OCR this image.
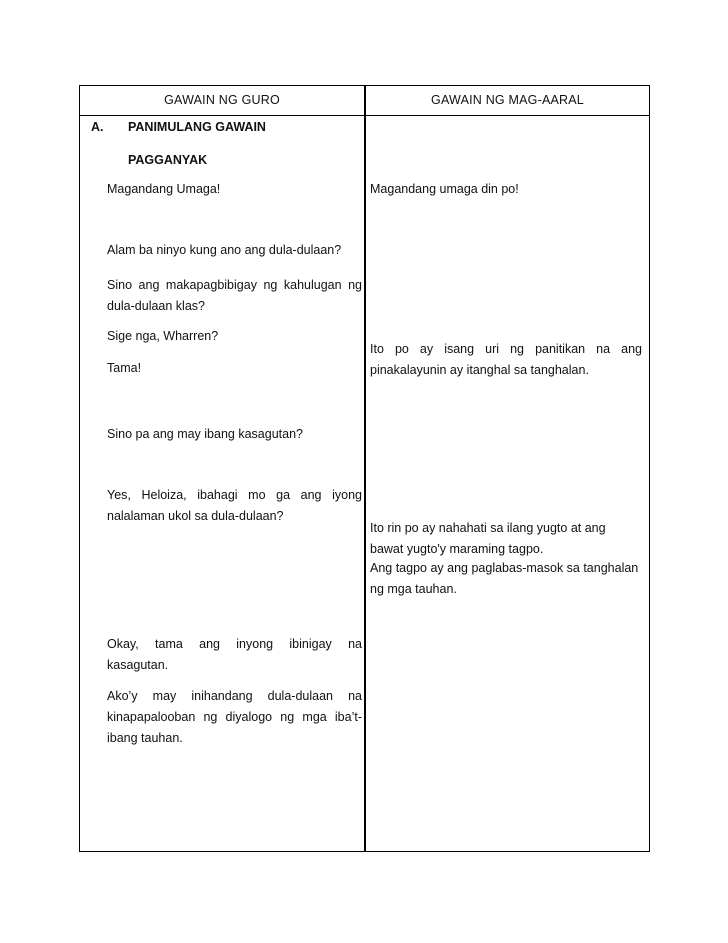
GAWAIN NG GURO	GAWAIN NG MAG-AARAL
A. PANIMULANG GAWAIN
PAGGANYAK
Magandang Umaga!
Alam ba ninyo kung ano ang dula-dulaan?
Sino ang makapagbibigay ng kahulugan ng dula-dulaan klas?
Sige nga, Wharren?
Tama!
Sino pa ang may ibang kasagutan?
Yes, Heloiza, ibahagi mo ga ang iyong nalalaman ukol sa dula-dulaan?
Okay, tama ang inyong ibinigay na kasagutan.
Ako’y may inihandang dula-dulaan na kinapapalooban ng diyalogo ng mga iba’t-ibang tauhan.
Magandang umaga din po!
Ito po ay isang uri ng panitikan na ang pinakalayunin ay itanghal sa tanghalan.
Ito rin po ay nahahati sa ilang yugto at ang bawat yugto'y maraming tagpo.
Ang tagpo ay ang paglabas-masok sa tanghalan ng mga tauhan.
